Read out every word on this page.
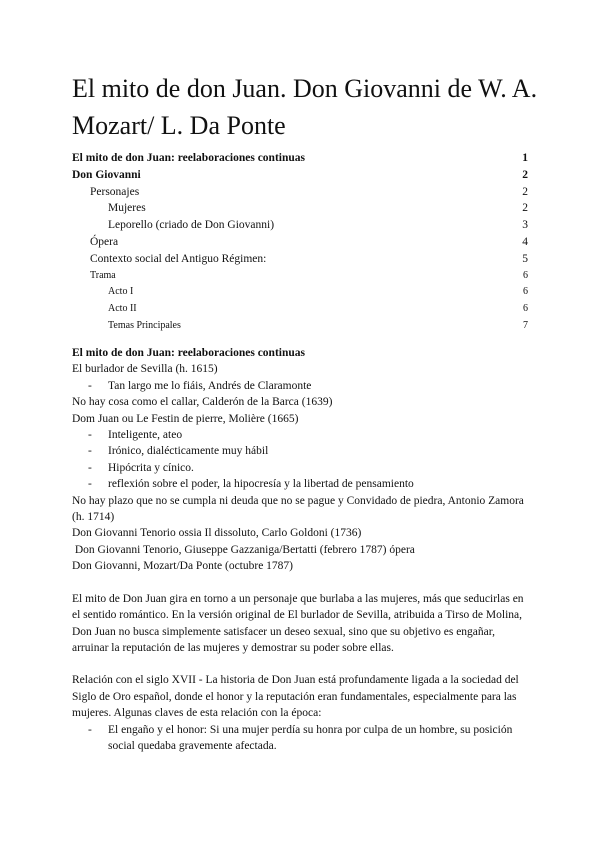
El mito de don Juan. Don Giovanni de W. A. Mozart/ L. Da Ponte
El mito de don Juan: reelaboraciones continuas	1
Don Giovanni	2
Personajes	2
Mujeres	2
Leporello (criado de Don Giovanni)	3
Ópera	4
Contexto social del Antiguo Régimen:	5
Trama	6
Acto I	6
Acto II	6
Temas Principales	7

El mito de don Juan: reelaboraciones continuas

El burlador de Sevilla (h. 1615)

- Tan largo me lo fiáis, Andrés de Claramonte

No hay cosa como el callar, Calderón de la Barca (1639)

Dom Juan ou Le Festin de pierre, Molière (1665)

- Inteligente, ateo
- Irónico, dialécticamente muy hábil
- Hipócrita y cínico.
- reflexión sobre el poder, la hipocresía y la libertad de pensamiento

No hay plazo que no se cumpla ni deuda que no se pague y Convidado de piedra, Antonio Zamora (h. 1714)

Don Giovanni Tenorio ossia Il dissoluto, Carlo Goldoni (1736)

Don Giovanni Tenorio, Giuseppe Gazzaniga/Bertatti (febrero 1787) ópera

Don Giovanni, Mozart/Da Ponte (octubre 1787)

El mito de Don Juan gira en torno a un personaje que burlaba a las mujeres, más que seducirlas en el sentido romántico. En la versión original de El burlador de Sevilla, atribuida a Tirso de Molina, Don Juan no busca simplemente satisfacer un deseo sexual, sino que su objetivo es engañar, arruinar la reputación de las mujeres y demostrar su poder sobre ellas.

Relación con el siglo XVII - La historia de Don Juan está profundamente ligada a la sociedad del Siglo de Oro español, donde el honor y la reputación eran fundamentales, especialmente para las mujeres. Algunas claves de esta relación con la época:

- El engaño y el honor: Si una mujer perdía su honra por culpa de un hombre, su posición social quedaba gravemente afectada.
